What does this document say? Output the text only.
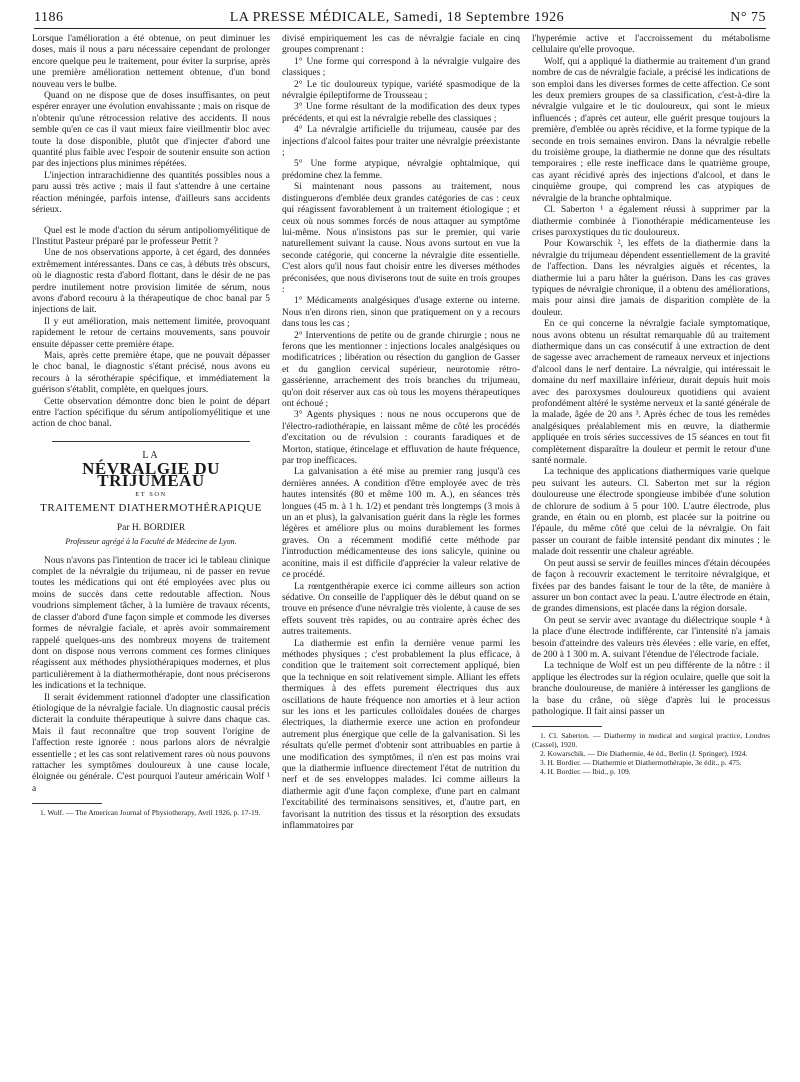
1186	LA PRESSE MÉDICALE, Samedi, 18 Septembre 1926	N° 75

Lorsque l'amélioration a été obtenue, on peut diminuer les doses, mais il nous a paru nécessaire cependant de prolonger encore quelque peu le traitement, pour éviter la surprise, après une première amélioration nettement obtenue, d'un bond nouveau vers le bulbe.

Quand on ne dispose que de doses insuffisantes, on peut espérer enrayer une évolution envahissante ; mais on risque de n'obtenir qu'une rétrocession relative des accidents. Il nous semble qu'en ce cas il vaut mieux faire vieillmentir bloc avec toute la dose disponible, plutôt que d'injecter d'abord une quantité plus faible avec l'espoir de soutenir ensuite son action par des injections plus minimes répétées.

L'injection intrarachidienne des quantités possibles nous a paru aussi très active ; mais il faut s'attendre à une certaine réaction méningée, parfois intense, d'ailleurs sans accidents sérieux.

Quel est le mode d'action du sérum antipoliomyélitique de l'Institut Pasteur préparé par le professeur Pettit ?

Une de nos observations apporte, à cet égard, des données extrêmement intéressantes. Dans ce cas, à débuts très obscurs, où le diagnostic resta d'abord flottant, dans le désir de ne pas perdre inutilement notre provision limitée de sérum, nous avons d'abord recouru à la thérapeutique de choc banal par 5 injections de lait.

Il y eut amélioration, mais nettement limitée, provoquant rapidement le retour de certains mouvements, sans pouvoir ensuite dépasser cette première étape.

Mais, après cette première étape, que ne pouvait dépasser le choc banal, le diagnostic s'étant précisé, nous avons eu recours à la sérothérapie spécifique, et immédiatement la guérison s'établit, complète, en quelques jours.

Cette observation démontre donc bien le point de départ entre l'action spécifique du sérum antipoliomyélitique et une action de choc banal.

LA
NÉVRALGIE DU TRIJUMEAU
ET SON
TRAITEMENT DIATHERMOTHÉRAPIQUE
Par H. BORDIER
Professeur agrégé à la Faculté de Médecine de Lyon.

Nous n'avons pas l'intention de tracer ici le tableau clinique complet de la névralgie du trijumeau, ni de passer en revue toutes les médications qui ont été employées avec plus ou moins de succès dans cette redoutable affection. Nous voudrions simplement tâcher, à la lumière de travaux récents, de classer d'abord d'une façon simple et commode les diverses formes de névralgie faciale, et après avoir sommairement rappelé quelques-uns des nombreux moyens de traitement dont on dispose nous verrons comment ces formes cliniques réagissent aux méthodes physiothérapiques modernes, et plus particulièrement à la diathermothérapie, dont nous préciserons les indications et la technique.

Il serait évidemment rationnel d'adopter une classification étiologique de la névralgie faciale. Un diagnostic causal précis dicterait la conduite thérapeutique à suivre dans chaque cas. Mais il faut reconnaître que trop souvent l'origine de l'affection reste ignorée : nous parlons alors de névralgie essentielle ; et les cas sont relativement rares où nous pouvons rattacher les symptômes douloureux à une cause locale, éloignée ou générale. C'est pourquoi l'auteur américain Wolf ¹ a

1. Wolf. — The American Journal of Physiotherapy, Avril 1926, p. 17-19.

divisé empiriquement les cas de névralgie faciale en cinq groupes comprenant :

1° Une forme qui correspond à la névralgie vulgaire des classiques ;

2° Le tic douloureux typique, variété spasmodique de la névralgie épileptiforme de Trousseau ;

3° Une forme résultant de la modification des deux types précédents, et qui est la névralgie rebelle des classiques ;

4° La névralgie artificielle du trijumeau, causée par des injections d'alcool faites pour traiter une névralgie préexistante ;

5° Une forme atypique, névralgie ophtalmique, qui prédomine chez la femme.

Si maintenant nous passons au traitement, nous distinguerons d'emblée deux grandes catégories de cas : ceux qui réagissent favorablement à un traitement étiologique ; et ceux où nous sommes forcés de nous attaquer au symptôme lui-même. Nous n'insistons pas sur le premier, qui varie naturellement suivant la cause. Nous avons surtout en vue la seconde catégorie, qui concerne la névralgie dite essentielle. C'est alors qu'il nous faut choisir entre les diverses méthodes préconisées, que nous diviserons tout de suite en trois groupes :

1° Médicaments analgésiques d'usage externe ou interne. Nous n'en dirons rien, sinon que pratiquement on y a recours dans tous les cas ;

2° Interventions de petite ou de grande chirurgie ; nous ne ferons que les mentionner : injections locales analgésiques ou modificatrices ; libération ou résection du ganglion de Gasser et du ganglion cervical supérieur, neurotomie rétro-gassérienne, arrachement des trois branches du trijumeau, qu'on doit réserver aux cas où tous les moyens thérapeutiques ont échoué ;

3° Agents physiques : nous ne nous occuperons que de l'électro-radiothérapie, en laissant même de côté les procédés d'excitation ou de révulsion : courants faradiques et de Morton, statique, étincelage et effluvation de haute fréquence, par trop inefficaces.

La galvanisation a été mise au premier rang jusqu'à ces dernières années. A condition d'être employée avec de très hautes intensités (80 et même 100 m. A.), en séances très longues (45 m. à 1 h. 1/2) et pendant très longtemps (3 mois à un an et plus), la galvanisation guérit dans la règle les formes légères et améliore plus ou moins durablement les formes graves. On a récemment modifié cette méthode par l'introduction médicamenteuse des ions salicyle, quinine ou aconitine, mais il est difficile d'apprécier la valeur relative de ce procédé.

La rœntgenthérapie exerce ici comme ailleurs son action sédative. On conseille de l'appliquer dès le début quand on se trouve en présence d'une névralgie très violente, à cause de ses effets souvent très rapides, ou au contraire après échec des autres traitements.

La diathermie est enfin la dernière venue parmi les méthodes physiques ; c'est probablement la plus efficace, à condition que le traitement soit correctement appliqué, bien que la technique en soit relativement simple. Alliant les effets thermiques à des effets purement électriques dus aux oscillations de haute fréquence non amorties et à leur action sur les ions et les particules colloïdales douées de charges électriques, la diathermie exerce une action en profondeur autrement plus énergique que celle de la galvanisation. Si les résultats qu'elle permet d'obtenir sont attribuables en partie à une modification des symptômes, il n'en est pas moins vrai que la diathermie influence directement l'état de nutrition du nerf et de ses enveloppes malades. Ici comme ailleurs la diathermie agit d'une façon complexe, d'une part en calmant l'excitabilité des terminaisons sensitives, et, d'autre part, en favorisant la nutrition des tissus et la résorption des exsudats inflammatoires par

l'hyperémie active et l'accroissement du métabolisme cellulaire qu'elle provoque.

Wolf, qui a appliqué la diathermie au traitement d'un grand nombre de cas de névralgie faciale, a précisé les indications de son emploi dans les diverses formes de cette affection. Ce sont les deux premiers groupes de sa classification, c'est-à-dire la névralgie vulgaire et le tic douloureux, qui sont le mieux influencés ; d'après cet auteur, elle guérit presque toujours la première, d'emblée ou après récidive, et la forme typique de la seconde en trois semaines environ. Dans la névralgie rebelle du troisième groupe, la diathermie ne donne que des résultats temporaires ; elle reste inefficace dans le quatrième groupe, cas ayant récidivé après des injections d'alcool, et dans le cinquième groupe, qui comprend les cas atypiques de névralgie de la branche ophtalmique.

Cl. Saberton ¹ a également réussi à supprimer par la diathermie combinée à l'ionothérapie médicamenteuse les crises paroxystiques du tic douloureux.

Pour Kowarschik ², les effets de la diathermie dans la névralgie du trijumeau dépendent essentiellement de la gravité de l'affection. Dans les névralgies aiguës et récentes, la diathermie lui a paru hâter la guérison. Dans les cas graves typiques de névralgie chronique, il a obtenu des améliorations, mais pour ainsi dire jamais de disparition complète de la douleur.

En ce qui concerne la névralgie faciale symptomatique, nous avons obtenu un résultat remarquable dû au traitement diathermique dans un cas consécutif à une extraction de dent de sagesse avec arrachement de rameaux nerveux et injections d'alcool dans le nerf dentaire. La névralgie, qui intéressait le domaine du nerf maxillaire inférieur, durait depuis huit mois avec des paroxysmes douloureux quotidiens qui avaient profondément altéré le système nerveux et la santé générale de la malade, âgée de 20 ans ³. Après échec de tous les remèdes analgésiques préalablement mis en œuvre, la diathermie appliquée en trois séries successives de 15 séances en tout fit complètement disparaître la douleur et permit le retour d'une santé normale.

La technique des applications diathermiques varie quelque peu suivant les auteurs. Cl. Saberton met sur la région douloureuse une électrode spongieuse imbibée d'une solution de chlorure de sodium à 5 pour 100. L'autre électrode, plus grande, en étain ou en plomb, est placée sur la poitrine ou l'épaule, du même côté que celui de la névralgie. On fait passer un courant de faible intensité pendant dix minutes ; le malade doit ressentir une chaleur agréable.

On peut aussi se servir de feuilles minces d'étain découpées de façon à recouvrir exactement le territoire névralgique, et fixées par des bandes faisant le tour de la tête, de manière à assurer un bon contact avec la peau. L'autre électrode en étain, de grandes dimensions, est placée dans la région dorsale.

On peut se servir avec avantage du diélectrique souple ⁴ à la place d'une électrode indifférente, car l'intensité n'a jamais besoin d'atteindre des valeurs très élevées : elle varie, en effet, de 200 à 1 300 m. A. suivant l'étendue de l'électrode faciale.

La technique de Wolf est un peu différente de la nôtre : il applique les électrodes sur la région oculaire, quelle que soit la branche douloureuse, de manière à intéresser les ganglions de la base du crâne, où siège d'après lui le processus pathologique. Il fait ainsi passer un

1. Cl. Saberton. — Diathermy in medical and surgical practice, Londres (Cassel), 1920.

2. Kowarschik. — Die Diathermie, 4e éd., Berlin (J. Springer), 1924.

3. H. Bordier. — Diathermie et Diathermothérapie, 3e édit., p. 475.

4. H. Bordier. — Ibid., p. 109.
